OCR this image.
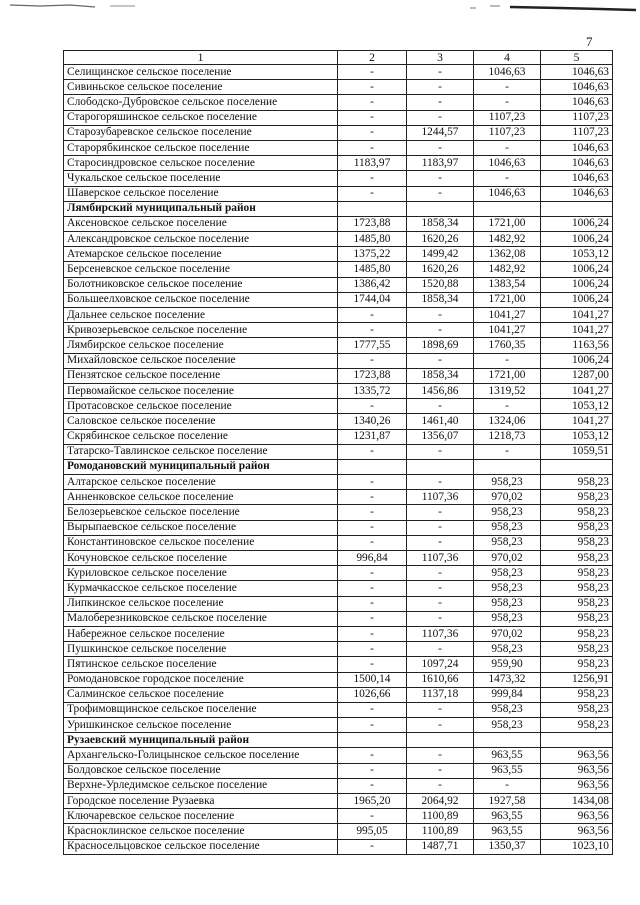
7
1	2	3	4	5
Селищинское сельское поселение	-	-	1046,63	1046,63
Сивиньское сельское поселение	-	-	-	1046,63
Слободско-Дубровское сельское поселение	-	-	-	1046,63
Старогоряшинское сельское поселение	-	-	1107,23	1107,23
Старозубаревское сельское поселение	-	1244,57	1107,23	1107,23
Старорябкинское сельское поселение	-	-	-	1046,63
Старосиндровское сельское поселение	1183,97	1183,97	1046,63	1046,63
Чукальское сельское поселение	-	-	-	1046,63
Шаверское сельское поселение	-	-	1046,63	1046,63
Лямбирский муниципальный район				
Аксеновское сельское поселение	1723,88	1858,34	1721,00	1006,24
Александровское сельское поселение	1485,80	1620,26	1482,92	1006,24
Атемарское сельское поселение	1375,22	1499,42	1362,08	1053,12
Берсеневское сельское поселение	1485,80	1620,26	1482,92	1006,24
Болотниковское сельское поселение	1386,42	1520,88	1383,54	1006,24
Большеелховское сельское поселение	1744,04	1858,34	1721,00	1006,24
Дальнее сельское поселение	-	-	1041,27	1041,27
Кривозерьевское сельское поселение	-	-	1041,27	1041,27
Лямбирское сельское поселение	1777,55	1898,69	1760,35	1163,56
Михайловское сельское поселение	-	-	-	1006,24
Пензятское сельское поселение	1723,88	1858,34	1721,00	1287,00
Первомайское сельское поселение	1335,72	1456,86	1319,52	1041,27
Протасовское сельское поселение	-	-	-	1053,12
Саловское сельское поселение	1340,26	1461,40	1324,06	1041,27
Скрябинское сельское поселение	1231,87	1356,07	1218,73	1053,12
Татарско-Тавлинское сельское поселение	-	-	-	1059,51
Ромодановский муниципальный район				
Алтарское сельское поселение	-	-	958,23	958,23
Анненковское сельское поселение	-	1107,36	970,02	958,23
Белозерьевское сельское поселение	-	-	958,23	958,23
Вырыпаевское сельское поселение	-	-	958,23	958,23
Константиновское сельское поселение	-	-	958,23	958,23
Кочуновское сельское поселение	996,84	1107,36	970,02	958,23
Куриловское сельское поселение	-	-	958,23	958,23
Курмачкасское сельское поселение	-	-	958,23	958,23
Липкинское сельское поселение	-	-	958,23	958,23
Малоберезниковское сельское поселение	-	-	958,23	958,23
Набережное сельское поселение	-	1107,36	970,02	958,23
Пушкинское сельское поселение	-	-	958,23	958,23
Пятинское сельское поселение	-	1097,24	959,90	958,23
Ромодановское городское поселение	1500,14	1610,66	1473,32	1256,91
Салминское сельское поселение	1026,66	1137,18	999,84	958,23
Трофимовщинское сельское поселение	-	-	958,23	958,23
Уришкинское сельское поселение	-	-	958,23	958,23
Рузаевский муниципальный район				
Архангельско-Голицынское сельское поселение	-	-	963,55	963,56
Болдовское сельское поселение	-	-	963,55	963,56
Верхне-Урледимское сельское поселение	-	-	-	963,56
Городское поселение Рузаевка	1965,20	2064,92	1927,58	1434,08
Ключаревское сельское поселение	-	1100,89	963,55	963,56
Красноклинское сельское поселение	995,05	1100,89	963,55	963,56
Красносельцовское сельское поселение	-	1487,71	1350,37	1023,10
